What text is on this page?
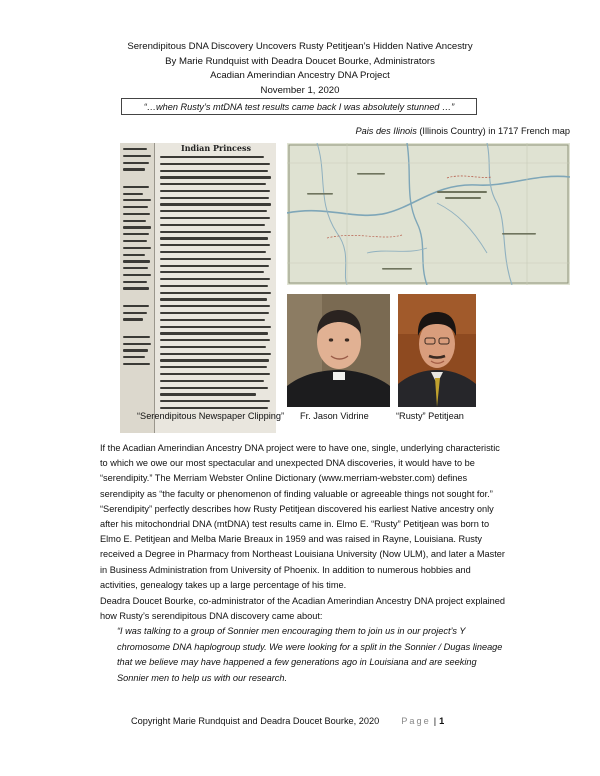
Serendipitous DNA Discovery Uncovers Rusty Petitjean’s Hidden Native Ancestry
By Marie Rundquist with Deadra Doucet Bourke, Administrators
Acadian Amerindian Ancestry DNA Project
November 1, 2020
“…when Rusty’s mtDNA test results came back I was absolutely stunned …”
Pais des Ilinois (Illinois Country) in 1717 French map
Indian Princess
“Serendipitous Newspaper Clipping” Fr. Jason Vidrine	“Rusty” Petitjean
If the Acadian Amerindian Ancestry DNA project were to have one, single, underlying characteristic to which we owe our most spectacular and unexpected DNA discoveries, it would have to be “serendipity.” The Merriam Webster Online Dictionary (www.merriam-webster.com) defines serendipity as “the faculty or phenomenon of finding valuable or agreeable things not sought for.” “Serendipity” perfectly describes how Rusty Petitjean discovered his earliest Native ancestry only after his mitochondrial DNA (mtDNA) test results came in. Elmo E. “Rusty” Petitjean was born to Elmo E. Petitjean and Melba Marie Breaux in 1959 and was raised in Rayne, Louisiana. Rusty received a Degree in Pharmacy from Northeast Louisiana University (Now ULM), and later a Master in Business Administration from University of Phoenix. In addition to numerous hobbies and activities, genealogy takes up a large percentage of his time.
Deadra Doucet Bourke, co-administrator of the Acadian Amerindian Ancestry DNA project explained how Rusty’s serendipitous DNA discovery came about:
“I was talking to a group of Sonnier men encouraging them to join us in our project’s Y chromosome DNA haplogroup study. We were looking for a split in the Sonnier / Dugas lineage that we believe may have happened a few generations ago in Louisiana and are seeking Sonnier men to help us with our research.
Copyright Marie Rundquist and Deadra Doucet Bourke, 2020 Page | 1
